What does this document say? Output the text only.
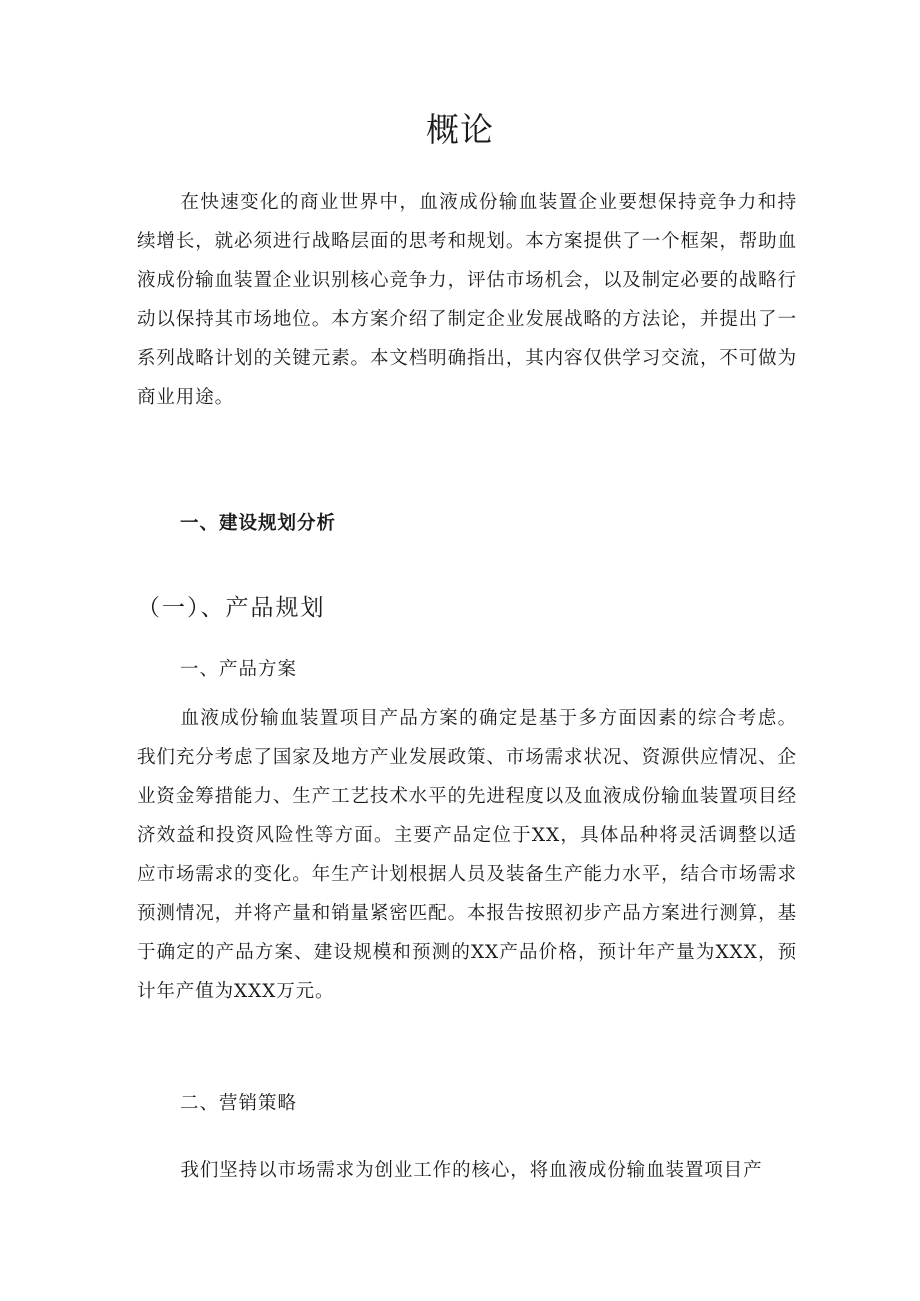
概论

在快速变化的商业世界中，血液成份输血装置企业要想保持竞争力和持续增长，就必须进行战略层面的思考和规划。本方案提供了一个框架，帮助血液成份输血装置企业识别核心竞争力，评估市场机会，以及制定必要的战略行动以保持其市场地位。本方案介绍了制定企业发展战略的方法论，并提出了一系列战略计划的关键元素。本文档明确指出，其内容仅供学习交流，不可做为商业用途。

一、建设规划分析
（一）、产品规划
一、产品方案

血液成份输血装置项目产品方案的确定是基于多方面因素的综合考虑。我们充分考虑了国家及地方产业发展政策、市场需求状况、资源供应情况、企业资金筹措能力、生产工艺技术水平的先进程度以及血液成份输血装置项目经济效益和投资风险性等方面。主要产品定位于XX，具体品种将灵活调整以适应市场需求的变化。年生产计划根据人员及装备生产能力水平，结合市场需求预测情况，并将产量和销量紧密匹配。本报告按照初步产品方案进行测算，基于确定的产品方案、建设规模和预测的XX产品价格，预计年产量为XXX，预计年产值为XXX万元。

二、营销策略

我们坚持以市场需求为创业工作的核心，将血液成份输血装置项目产
